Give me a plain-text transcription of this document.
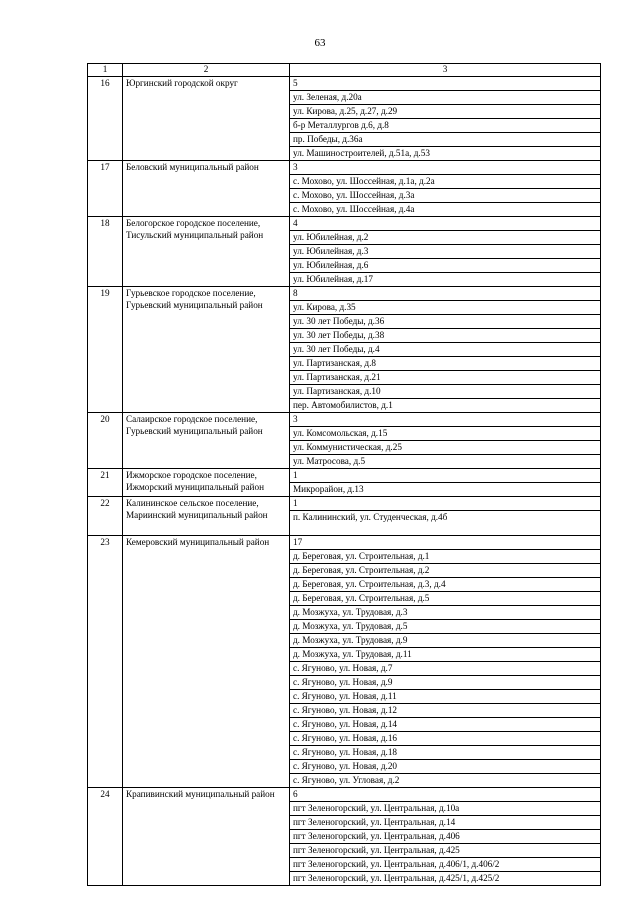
63
1	2	3
16	Юргинский городской округ	5
		ул. Зеленая, д.20а
		ул. Кирова, д.25, д.27, д.29
		б-р Металлургов д.6, д.8
		пр. Победы, д.36а
		ул. Машиностроителей, д.51а, д.53
17	Беловский муниципальный район	3
		с. Мохово, ул. Шоссейная, д.1а, д.2а
		с. Мохово, ул. Шоссейная, д.3а
		с. Мохово, ул. Шоссейная, д.4а
18	Белогорское городское поселение, Тисульский муниципальный район	4
		ул. Юбилейная, д.2
		ул. Юбилейная, д.3
		ул. Юбилейная, д.6
		ул. Юбилейная, д.17
19	Гурьевское городское поселение, Гурьевский муниципальный район	8
		ул. Кирова, д.35
		ул. 30 лет Победы, д.36
		ул. 30 лет Победы, д.38
		ул. 30 лет Победы, д.4
		ул. Партизанская, д.8
		ул. Партизанская, д.21
		ул. Партизанская, д.10
		пер. Автомобилистов, д.1
20	Салаирское городское поселение, Гурьевский муниципальный район	3
		ул. Комсомольская, д.15
		ул. Коммунистическая, д.25
		ул. Матросова, д.5
21	Ижморское городское поселение, Ижморский муниципальный район	1
		Микрорайон, д.13
22	Калининское сельское поселение, Мариинский муниципальный район	1
		п. Калининский, ул. Студенческая, д.4б
23	Кемеровский муниципальный район	17
		д. Береговая, ул. Строительная, д.1
		д. Береговая, ул. Строительная, д.2
		д. Береговая, ул. Строительная, д.3, д.4
		д. Береговая, ул. Строительная, д.5
		д. Мозжуха, ул. Трудовая, д.3
		д. Мозжуха, ул. Трудовая, д.5
		д. Мозжуха, ул. Трудовая, д.9
		д. Мозжуха, ул. Трудовая, д.11
		с. Ягуново, ул. Новая, д.7
		с. Ягуново, ул. Новая, д.9
		с. Ягуново, ул. Новая, д.11
		с. Ягуново, ул. Новая, д.12
		с. Ягуново, ул. Новая, д.14
		с. Ягуново, ул. Новая, д.16
		с. Ягуново, ул. Новая, д.18
		с. Ягуново, ул. Новая, д.20
		с. Ягуново, ул. Угловая, д.2
24	Крапивинский муниципальный район	6
		пгт Зеленогорский, ул. Центральная, д.10а
		пгт Зеленогорский, ул. Центральная, д.14
		пгт Зеленогорский, ул. Центральная, д.406
		пгт Зеленогорский, ул. Центральная, д.425
		пгт Зеленогорский, ул. Центральная, д.406/1, д.406/2
		пгт Зеленогорский, ул. Центральная, д.425/1, д.425/2
